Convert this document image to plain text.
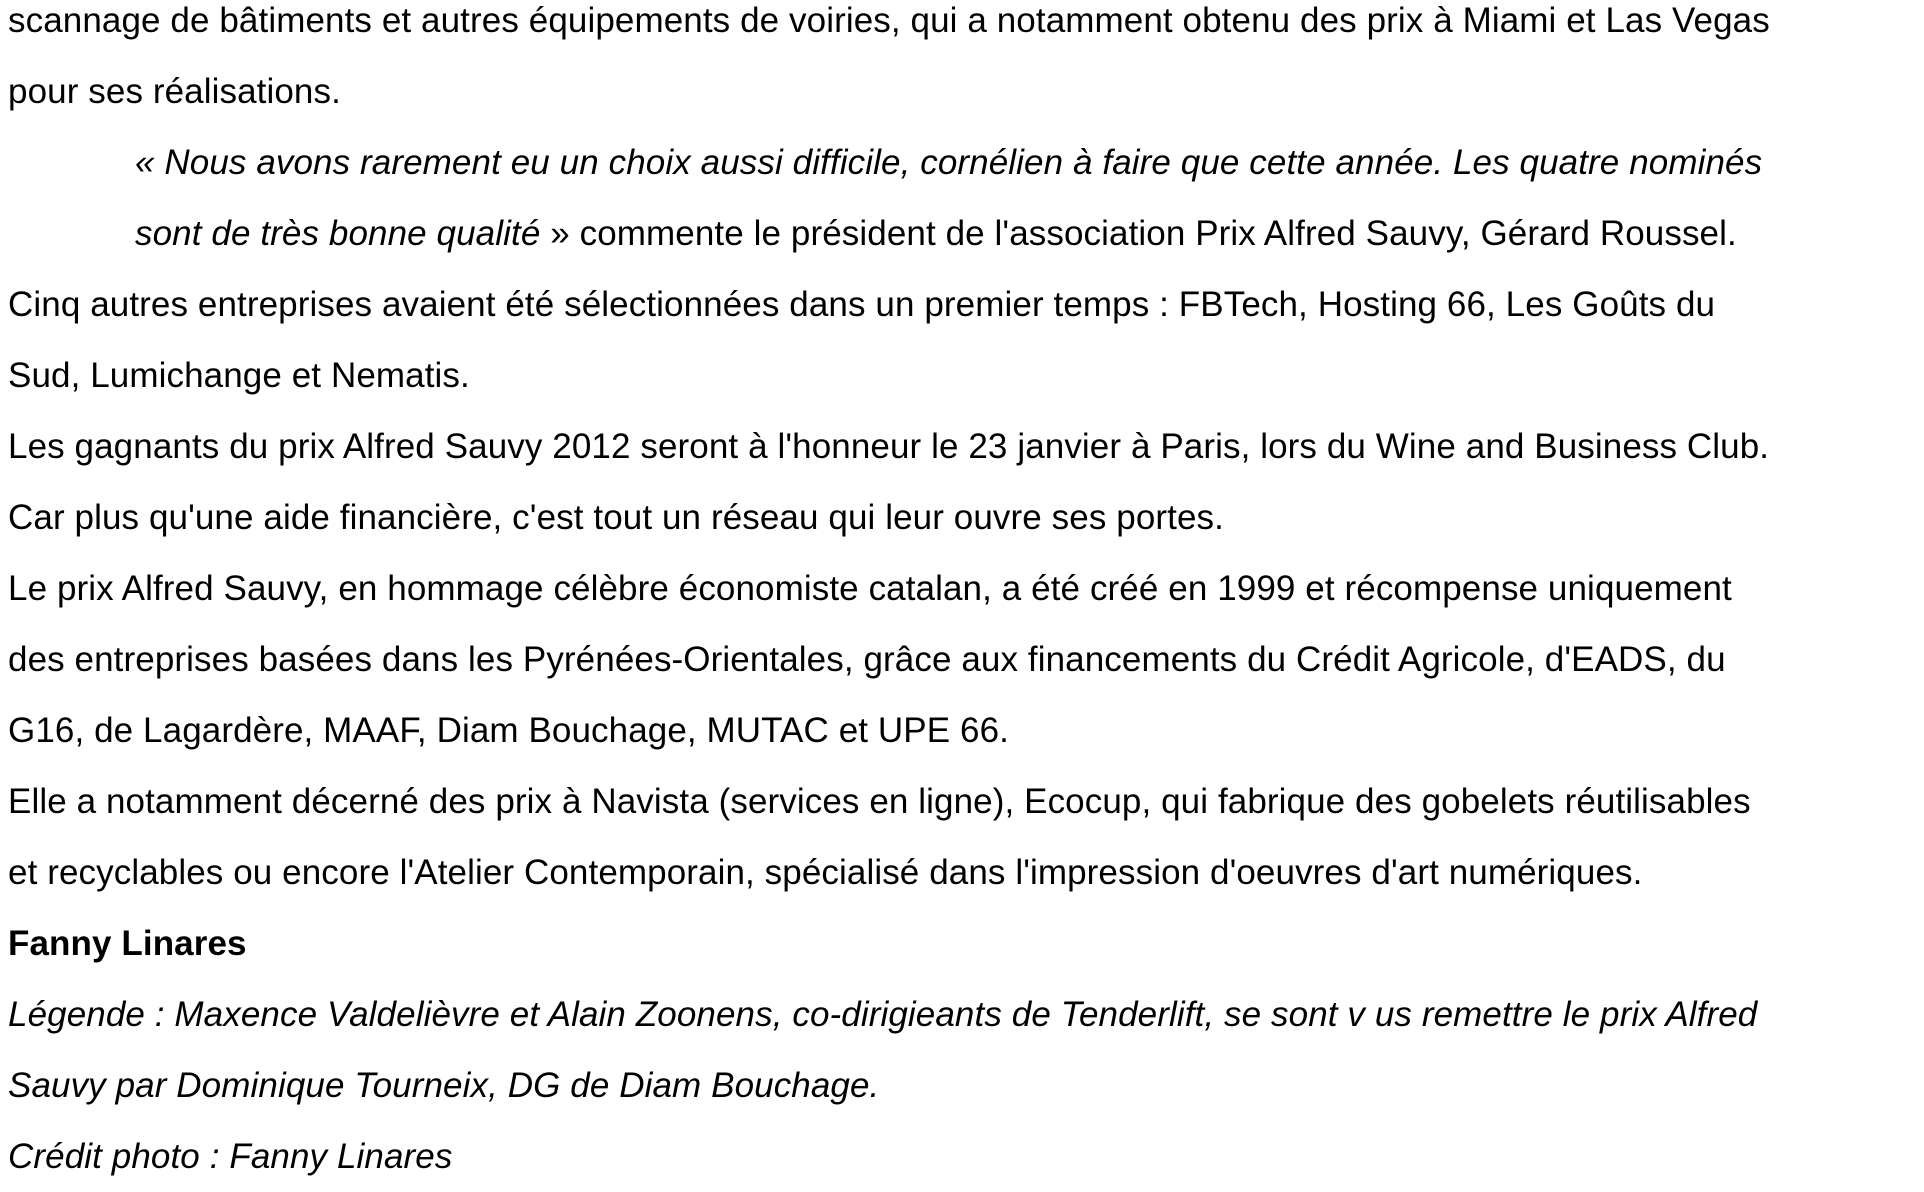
scannage de bâtiments et autres équipements de voiries, qui a notamment obtenu des prix à Miami et Las Vegas
pour ses réalisations.
« Nous avons rarement eu un choix aussi difficile, cornélien à faire que cette année. Les quatre nominés
sont de très bonne qualité » commente le président de l'association Prix Alfred Sauvy, Gérard Roussel.
Cinq autres entreprises avaient été sélectionnées dans un premier temps : FBTech, Hosting 66, Les Goûts du
Sud, Lumichange et Nematis.
Les gagnants du prix Alfred Sauvy 2012 seront à l'honneur le 23 janvier à Paris, lors du Wine and Business Club.
Car plus qu'une aide financière, c'est tout un réseau qui leur ouvre ses portes.
Le prix Alfred Sauvy, en hommage célèbre économiste catalan, a été créé en 1999 et récompense uniquement
des entreprises basées dans les Pyrénées-Orientales, grâce aux financements du Crédit Agricole, d'EADS, du
G16, de Lagardère, MAAF, Diam Bouchage, MUTAC et UPE 66.
Elle a notamment décerné des prix à Navista (services en ligne), Ecocup, qui fabrique des gobelets réutilisables
et recyclables ou encore l'Atelier Contemporain, spécialisé dans l'impression d'oeuvres d'art numériques.
Fanny Linares
Légende : Maxence Valdelièvre et Alain Zoonens, co-dirigieants de Tenderlift, se sont v us remettre le prix Alfred
Sauvy par Dominique Tourneix, DG de Diam Bouchage.
Crédit photo : Fanny Linares
